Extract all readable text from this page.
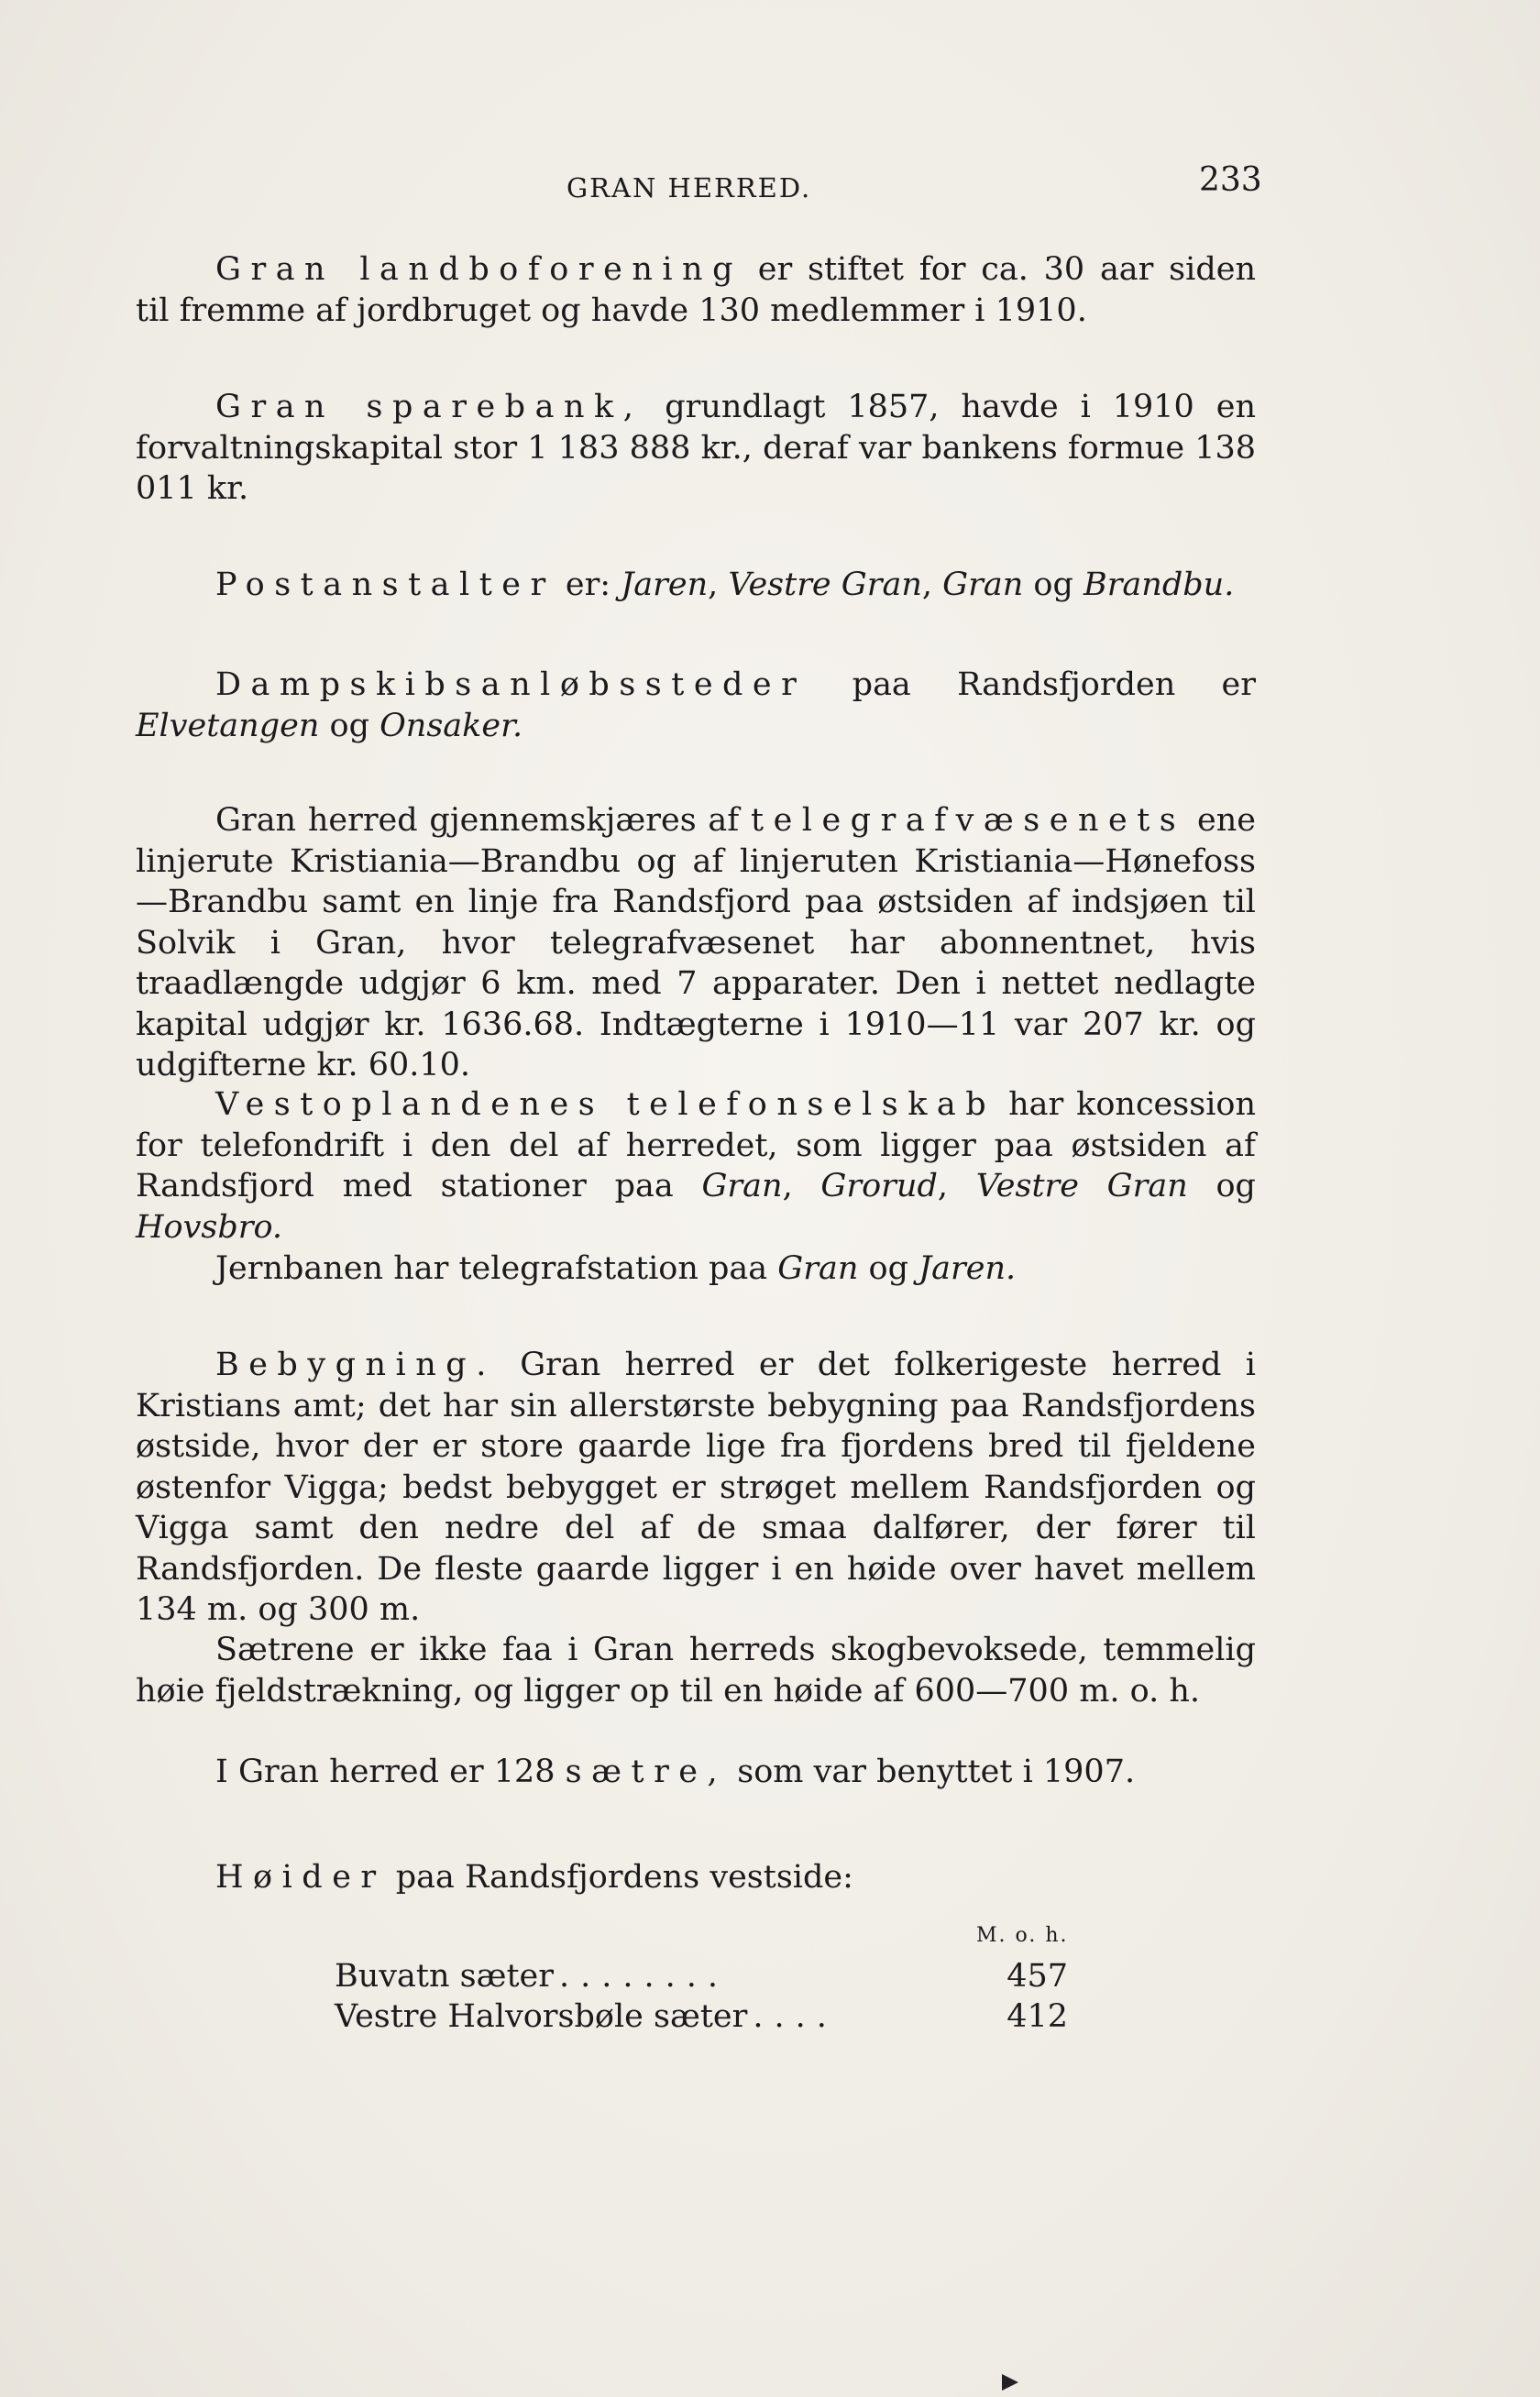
GRAN HERRED.	233
Gran landboforening er stiftet for ca. 30 aar siden til fremme af jordbruget og havde 130 medlemmer i 1910.
Gran sparebank, grundlagt 1857, havde i 1910 en forvaltningskapital stor 1 183 888 kr., deraf var bankens formue 138 011 kr.
Postanstalter er: Jaren, Vestre Gran, Gran og Brandbu.
Dampskibsanløbssteder paa Randsfjorden er Elvetangen og Onsaker.
Gran herred gjennemskjæres af telegrafvæsenets ene linjerute Kristiania—Brandbu og af linjeruten Kristiania—Hønefoss —Brandbu samt en linje fra Randsfjord paa østsiden af indsjøen til Solvik i Gran, hvor telegrafvæsenet har abonnentnet, hvis traadlængde udgjør 6 km. med 7 apparater. Den i nettet nedlagte kapital udgjør kr. 1636.68. Indtægterne i 1910—11 var 207 kr. og udgifterne kr. 60.10.
Vestoplandenes telefonselskab har koncession for telefondrift i den del af herredet, som ligger paa østsiden af Randsfjord med stationer paa Gran, Grorud, Vestre Gran og Hovsbro.
Jernbanen har telegrafstation paa Gran og Jaren.
Bebygning. Gran herred er det folkerigeste herred i Kristians amt; det har sin allerstørste bebygning paa Randsfjordens østside, hvor der er store gaarde lige fra fjordens bred til fjeldene østenfor Vigga; bedst bebygget er strøget mellem Randsfjorden og Vigga samt den nedre del af de smaa dalfører, der fører til Randsfjorden. De fleste gaarde ligger i en høide over havet mellem 134 m. og 300 m.
Sætrene er ikke faa i Gran herreds skogbevoksede, temmelig høie fjeldstrækning, og ligger op til en høide af 600—700 m. o. h.
I Gran herred er 128 sætre, som var benyttet i 1907.
Høider paa Randsfjordens vestside:
M. o. h.
Buvatn sæter ........	457
Vestre Halvorsbøle sæter ....	412
